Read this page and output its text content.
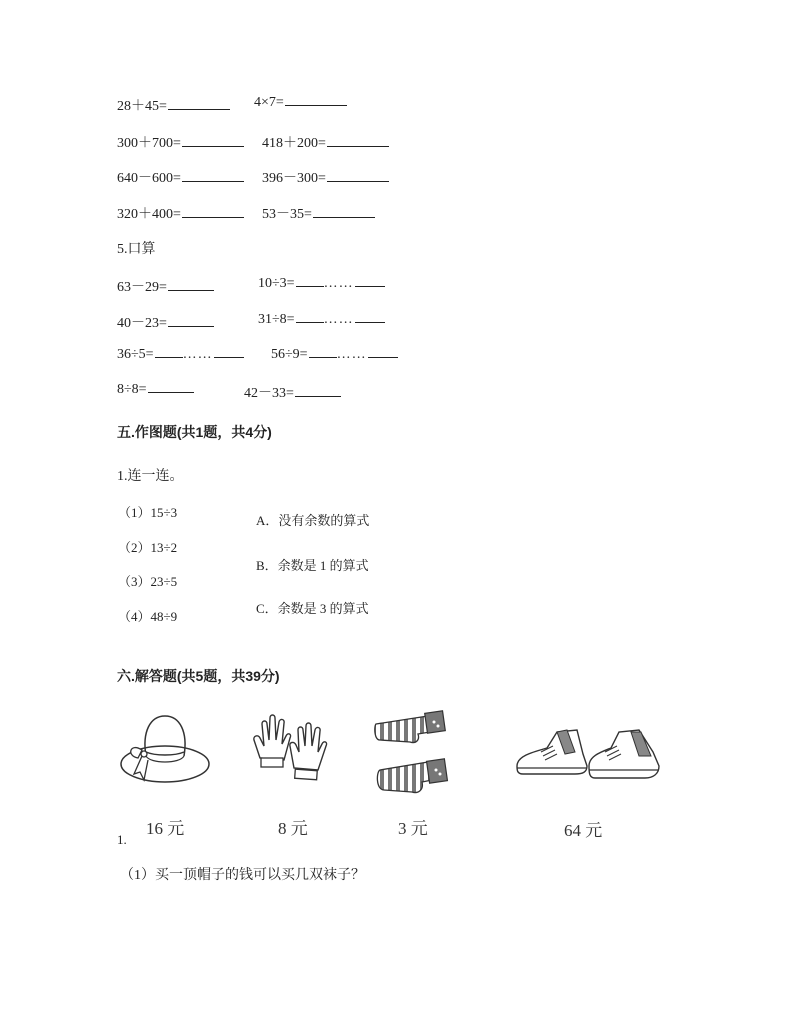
28＋45=	4×7=
300＋700=	418＋200=
640－600=	396－300=
320＋400=	53－35=
5.口算
63－29=	10÷3= ……
40－23=	31÷8= ……
36÷5= ……	56÷9= ……
8÷8=	42－33=
五.作图题(共1题，共4分)
1.连一连。
（1）15÷3
（2）13÷2
（3）23÷5
（4）48÷9
A．没有余数的算式
B．余数是 1 的算式
C．余数是 3 的算式
六.解答题(共5题，共39分)
16 元	8 元	3 元	64 元
1.
（1）买一顶帽子的钱可以买几双袜子？
